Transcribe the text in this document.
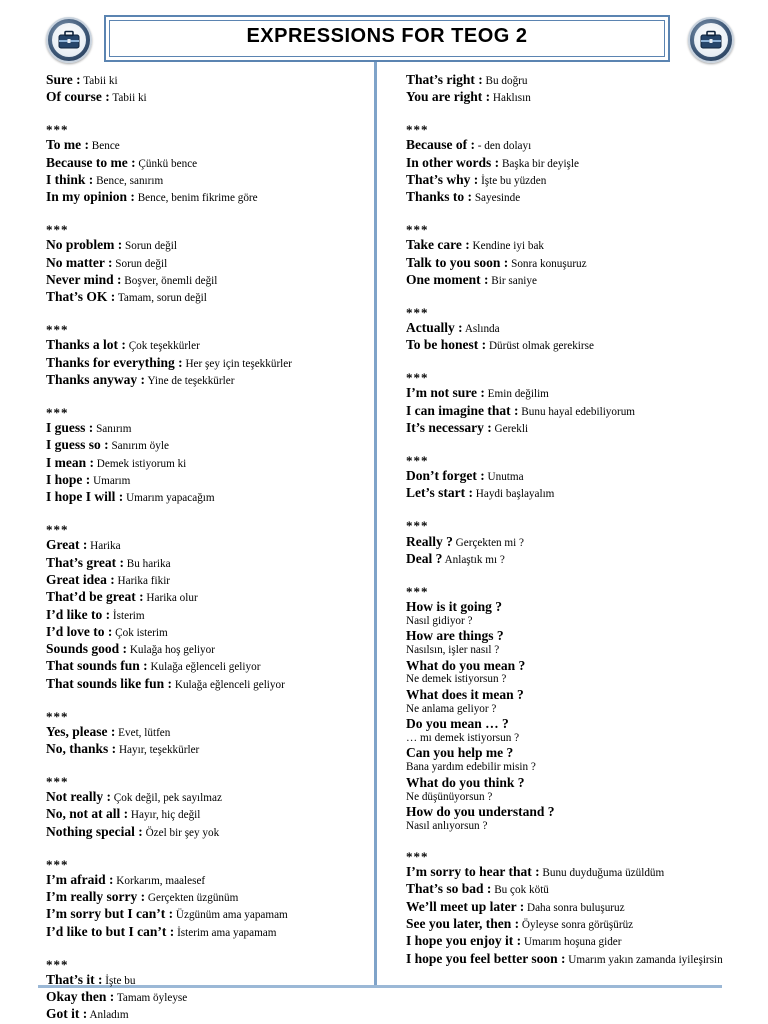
EXPRESSIONS FOR TEOG 2
Sure : Tabii ki
Of course : Tabii ki
***
To me : Bence
Because to me : Çünkü bence
I think : Bence, sanırım
In my opinion : Bence, benim fikrime göre
***
No problem : Sorun değil
No matter : Sorun değil
Never mind : Boşver, önemli değil
That’s OK : Tamam, sorun değil
***
Thanks a lot : Çok teşekkürler
Thanks for everything : Her şey için teşekkürler
Thanks anyway : Yine de teşekkürler
***
I guess : Sanırım
I guess so : Sanırım öyle
I mean : Demek istiyorum ki
I hope : Umarım
I hope I will : Umarım yapacağım
***
Great : Harika
That’s great : Bu harika
Great idea : Harika fikir
That’d be great : Harika olur
I’d like to : İsterim
I’d love to : Çok isterim
Sounds good : Kulağa hoş geliyor
That sounds fun : Kulağa eğlenceli geliyor
That sounds like fun : Kulağa eğlenceli geliyor
***
Yes, please : Evet, lütfen
No, thanks : Hayır, teşekkürler
***
Not really : Çok değil, pek sayılmaz
No, not at all : Hayır, hiç değil
Nothing special : Özel bir şey yok
***
I’m afraid : Korkarım, maalesef
I’m really sorry : Gerçekten üzgünüm
I’m sorry but I can’t : Üzgünüm ama yapamam
I’d like to but I can’t : İsterim ama yapamam
***
That’s it : İşte bu
Okay then : Tamam öyleyse
Got it : Anladım
That’s right : Bu doğru
You are right : Haklısın
***
Because of : - den dolayı
In other words : Başka bir deyişle
That’s why : İşte bu yüzden
Thanks to : Sayesinde
***
Take care : Kendine iyi bak
Talk to you soon : Sonra konuşuruz
One moment : Bir saniye
***
Actually : Aslında
To be honest : Dürüst olmak gerekirse
***
I’m not sure : Emin değilim
I can imagine that : Bunu hayal edebiliyorum
It’s necessary : Gerekli
***
Don’t forget : Unutma
Let’s start : Haydi başlayalım
***
Really ? Gerçekten mi ?
Deal ? Anlaştık mı ?
***
How is it going ?
Nasıl gidiyor ?
How are things ?
Nasılsın, işler nasıl ?
What do you mean ?
Ne demek istiyorsun ?
What does it mean ?
Ne anlama geliyor ?
Do you mean … ?
… mı demek istiyorsun ?
Can you help me ?
Bana yardım edebilir misin ?
What do you think ?
Ne düşünüyorsun ?
How do you understand ?
Nasıl anlıyorsun ?
***
I’m sorry to hear that : Bunu duyduğuma üzüldüm
That’s so bad : Bu çok kötü
We’ll meet up later : Daha sonra buluşuruz
See you later, then : Öyleyse sonra görüşürüz
I hope you enjoy it : Umarım hoşuna gider
I hope you feel better soon : Umarım yakın zamanda iyileşirsin
